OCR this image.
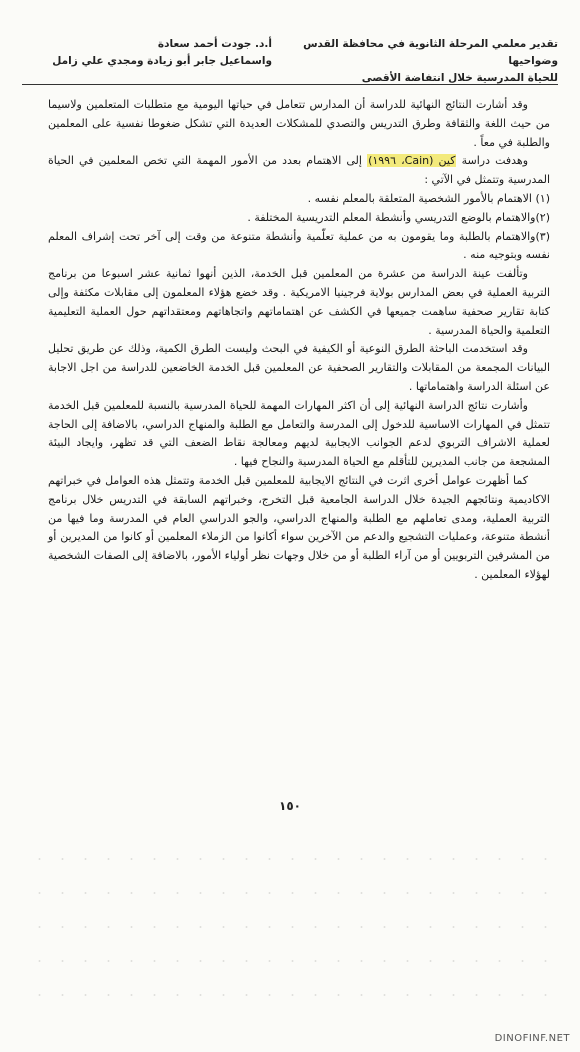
تقدير معلمي المرحلة الثانوية في محافظة القدس وضواحيها
للحياة المدرسية خلال انتفاضة الأقصى
أ.د. جودت أحمد سعادة
واسماعيل جابر أبو زيادة ومجدي علي زامل

وقد أشارت النتائج النهائية للدراسة أن المدارس تتعامل في حياتها اليومية مع متطلبات المتعلمين ولاسيما من حيث اللغة والثقافة وطرق التدريس والتصدي للمشكلات العديدة التي تشكل ضغوطا نفسية على المعلمين والطلبة في معاً .

وهدفت دراسة كين (Cain، ١٩٩٦) إلى الاهتمام بعدد من الأمور المهمة التي تخص المعلمين في الحياة المدرسية وتتمثل في الآتي :

(١) الاهتمام بالأمور الشخصية المتعلقة بالمعلم نفسه .

(٢)والاهتمام بالوضع التدريسي وأنشطة المعلم التدريسية المختلفة .

(٣)والاهتمام بالطلبة وما يقومون به من عملية تعلّمية وأنشطة متنوعة من وقت إلى آخر تحت إشراف المعلم نفسه وبتوجيه منه .

وتألفت عينة الدراسة من عشرة من المعلمين قبل الخدمة، الذين أنهوا ثمانية عشر اسبوعا من برنامج التربية العملية في بعض المدارس بولاية فرجينيا الامريكية . وقد خضع هؤلاء المعلمون إلى مقابلات مكثفة وإلى كتابة تقارير صحفية ساهمت جميعها في الكشف عن اهتماماتهم واتجاهاتهم ومعتقداتهم حول العملية التعليمية التعلمية والحياة المدرسية .

وقد استخدمت الباحثة الطرق النوعية أو الكيفية في البحث وليست الطرق الكمية، وذلك عن طريق تحليل البيانات المجمعة من المقابلات والتقارير الصحفية عن المعلمين قبل الخدمة الخاضعين للدراسة من اجل الاجابة عن اسئلة الدراسة واهتماماتها .

وأشارت نتائج الدراسة النهائية إلى أن اكثر المهارات المهمة للحياة المدرسية بالنسبة للمعلمين قبل الخدمة تتمثل في المهارات الاساسية للدخول إلى المدرسة والتعامل مع الطلبة والمنهاج الدراسي، بالاضافة إلى الحاجة لعملية الاشراف التربوي لدعم الجوانب الايجابية لديهم ومعالجة نقاط الضعف التي قد تظهر، وايجاد البيئة المشجعة من جانب المديرين للتأقلم مع الحياة المدرسية والنجاح فيها .

كما أظهرت عوامل أخرى اثرت في النتائج الايجابية للمعلمين قبل الخدمة وتتمثل هذه العوامل في خبراتهم الاكاديمية ونتائجهم الجيدة خلال الدراسة الجامعية قبل التخرج، وخبراتهم السابقة في التدريس خلال برنامج التربية العملية، ومدى تعاملهم مع الطلبة والمنهاج الدراسي، والجو الدراسي العام في المدرسة وما فيها من أنشطة متنوعة، وعمليات التشجيع والدعم من الآخرين سواء أكانوا من الزملاء المعلمين أو كانوا من المديرين أو من المشرفين التربويين أو من آراء الطلبة أو من خلال وجهات نظر أولياء الأمور، بالاضافة إلى الصفات الشخصية لهؤلاء المعلمين .

١٥٠
DINOFINF.NET
